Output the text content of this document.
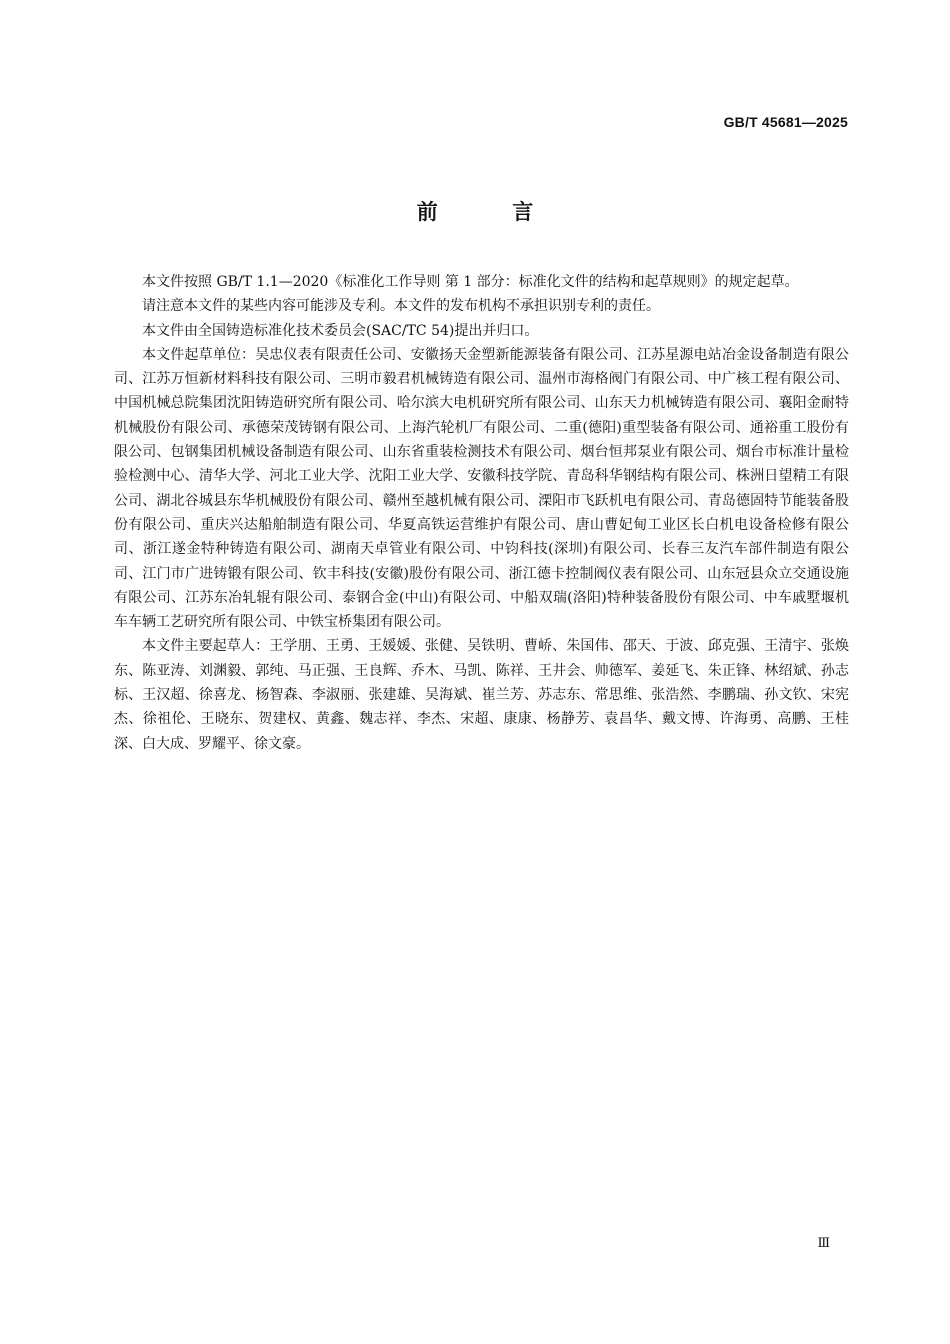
GB/T 45681—2025
前 言

本文件按照 GB/T 1.1—2020《标准化工作导则 第 1 部分：标准化文件的结构和起草规则》的规定起草。

请注意本文件的某些内容可能涉及专利。本文件的发布机构不承担识别专利的责任。

本文件由全国铸造标准化技术委员会(SAC/TC 54)提出并归口。

本文件起草单位：吴忠仪表有限责任公司、安徽扬天金塑新能源装备有限公司、江苏星源电站冶金设备制造有限公司、江苏万恒新材料科技有限公司、三明市毅君机械铸造有限公司、温州市海格阀门有限公司、中广核工程有限公司、中国机械总院集团沈阳铸造研究所有限公司、哈尔滨大电机研究所有限公司、山东天力机械铸造有限公司、襄阳金耐特机械股份有限公司、承德荣茂铸钢有限公司、上海汽轮机厂有限公司、二重(德阳)重型装备有限公司、通裕重工股份有限公司、包钢集团机械设备制造有限公司、山东省重装检测技术有限公司、烟台恒邦泵业有限公司、烟台市标准计量检验检测中心、清华大学、河北工业大学、沈阳工业大学、安徽科技学院、青岛科华钢结构有限公司、株洲日望精工有限公司、湖北谷城县东华机械股份有限公司、赣州至越机械有限公司、溧阳市飞跃机电有限公司、青岛德固特节能装备股份有限公司、重庆兴达船舶制造有限公司、华夏高铁运营维护有限公司、唐山曹妃甸工业区长白机电设备检修有限公司、浙江遂金特种铸造有限公司、湖南天卓管业有限公司、中钧科技(深圳)有限公司、长春三友汽车部件制造有限公司、江门市广进铸锻有限公司、钦丰科技(安徽)股份有限公司、浙江德卡控制阀仪表有限公司、山东冠县众立交通设施有限公司、江苏东冶轧辊有限公司、泰钢合金(中山)有限公司、中船双瑞(洛阳)特种装备股份有限公司、中车戚墅堰机车车辆工艺研究所有限公司、中铁宝桥集团有限公司。

本文件主要起草人：王学朋、王勇、王媛媛、张健、吴铁明、曹峤、朱国伟、邵天、于波、邱克强、王清宇、张焕东、陈亚涛、刘渊毅、郭纯、马正强、王良辉、乔木、马凯、陈祥、王井会、帅德军、姜延飞、朱正锋、林绍斌、孙志标、王汉超、徐喜龙、杨智森、李淑丽、张建雄、吴海斌、崔兰芳、苏志东、常思维、张浩然、李鹏瑞、孙文钦、宋宪杰、徐祖伦、王晓东、贺建权、黄鑫、魏志祥、李杰、宋超、康康、杨静芳、袁昌华、戴文博、许海勇、高鹏、王桂深、白大成、罗耀平、徐文豪。

Ⅲ
